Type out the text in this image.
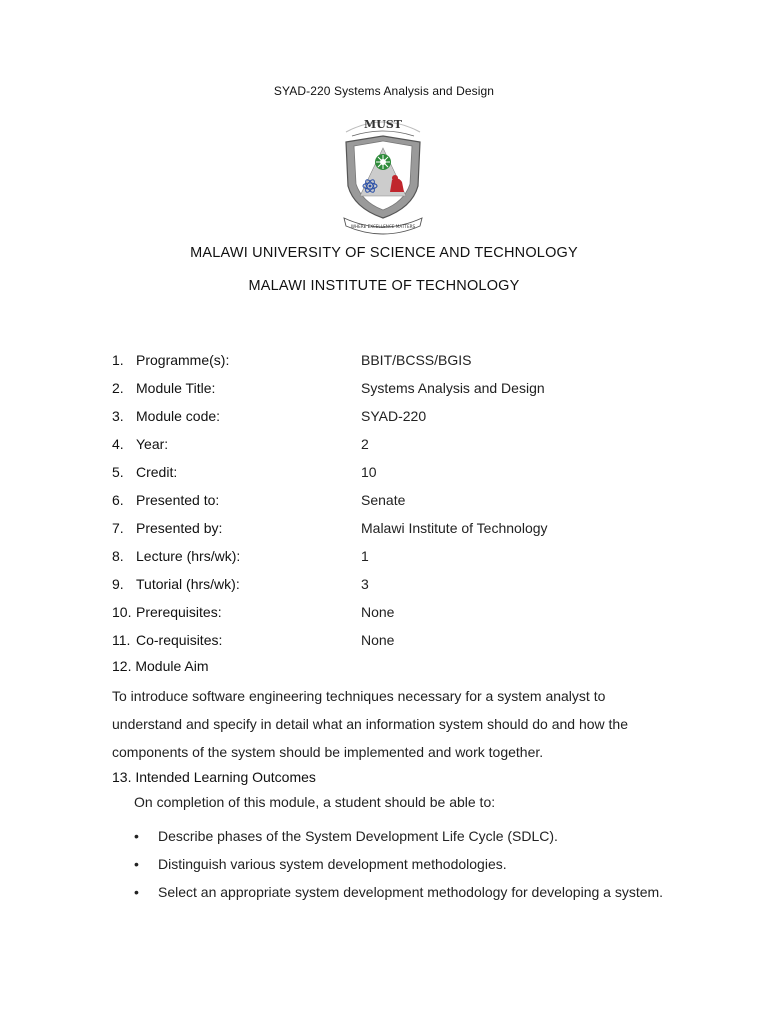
SYAD-220 Systems Analysis and Design
MUST
WHERE EXCELLENCE MATTERS
MALAWI UNIVERSITY OF SCIENCE AND TECHNOLOGY
MALAWI INSTITUTE OF TECHNOLOGY
1. Programme(s):	BBIT/BCSS/BGIS
2. Module Title:	Systems Analysis and Design
3. Module code:	SYAD-220
4. Year:	2
5. Credit:	10
6. Presented to:	Senate
7. Presented by:	Malawi Institute of Technology
8. Lecture (hrs/wk):	1
9. Tutorial (hrs/wk):	3
10. Prerequisites:	None
11. Co-requisites:	None
12. Module Aim
To introduce software engineering techniques necessary for a system analyst to understand and specify in detail what an information system should do and how the components of the system should be implemented and work together.
13. Intended Learning Outcomes
On completion of this module, a student should be able to:
• Describe phases of the System Development Life Cycle (SDLC).
• Distinguish various system development methodologies.
• Select an appropriate system development methodology for developing a system.
